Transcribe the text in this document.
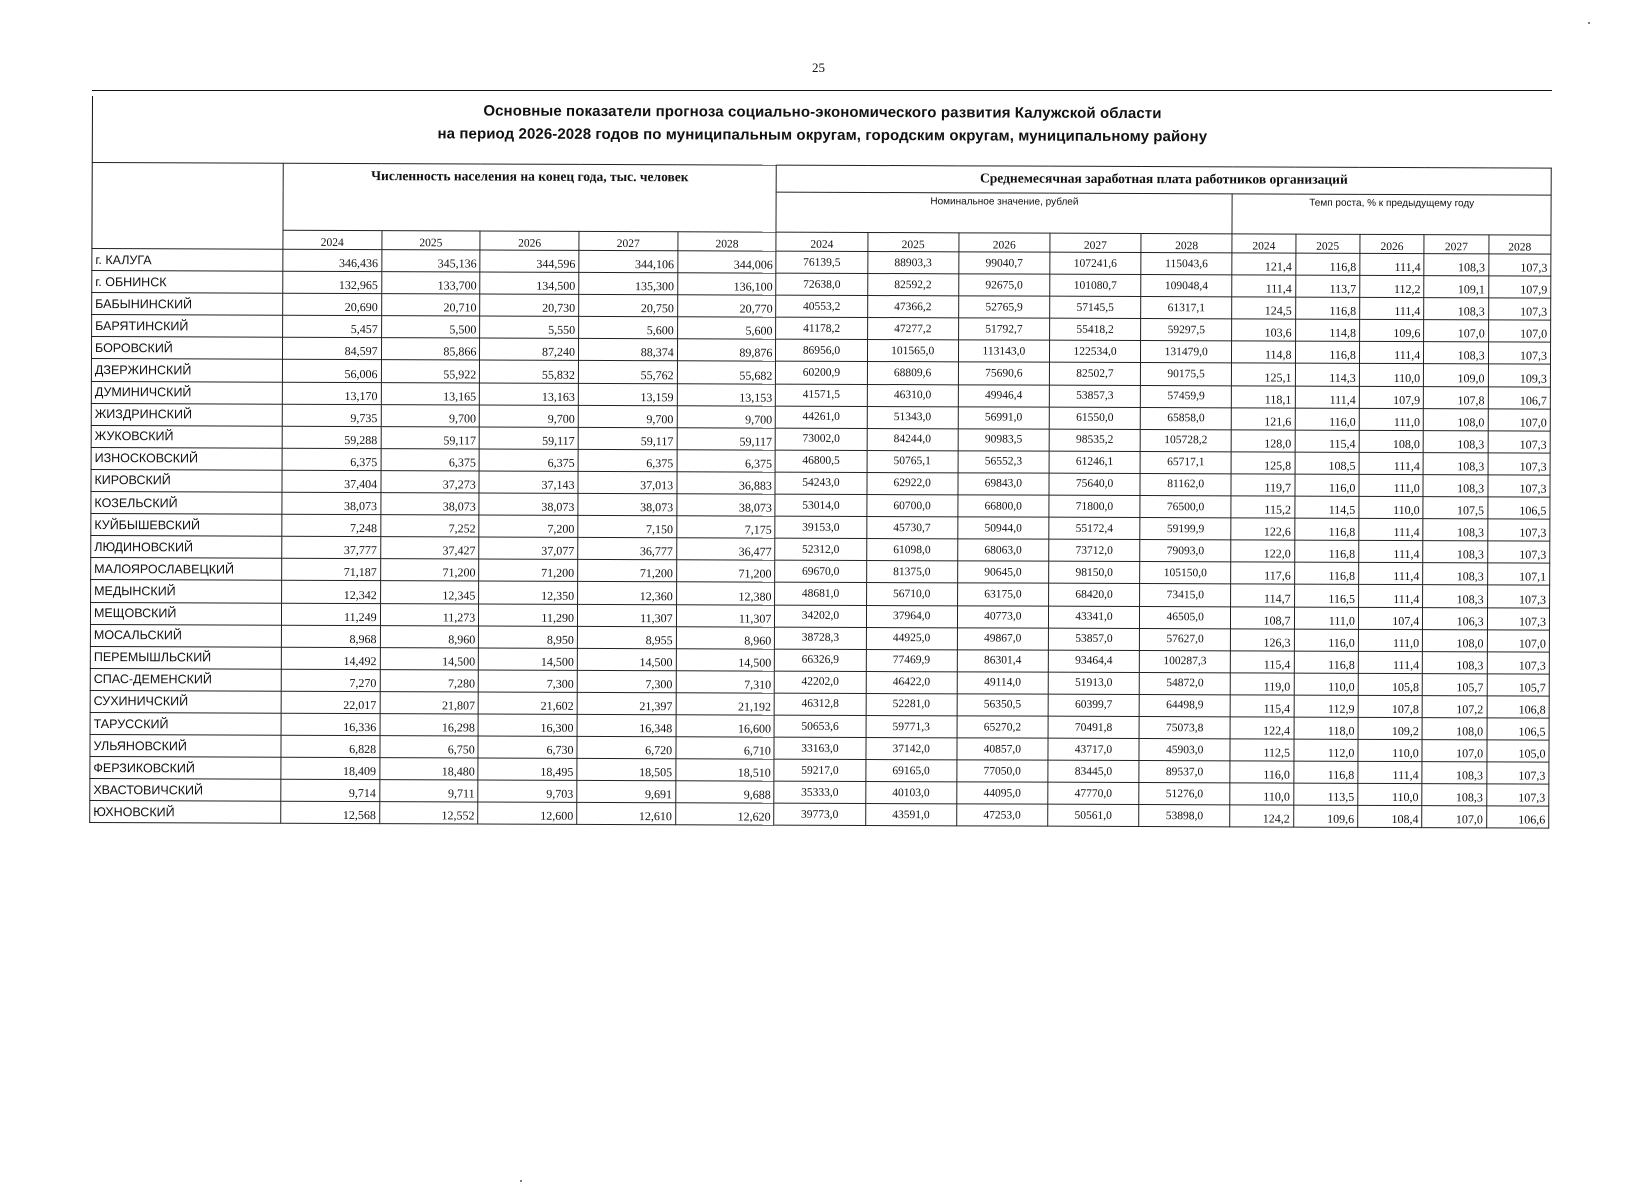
25
Основные показатели прогноза социально-экономического развития Калужской области
на период 2026-2028 годов по муниципальным округам, городским округам, муниципальному району
	Численность населения на конец года, тыс. человек					Среднемесячная заработная плата работников организаций									
						Номинальное значение, рублей					Темп роста, % к предыдущему году				
	2024	2025	2026	2027	2028	2024	2025	2026	2027	2028	2024	2025	2026	2027	2028
г. КАЛУГА	346,436	345,136	344,596	344,106	344,006	76139,5	88903,3	99040,7	107241,6	115043,6	121,4	116,8	111,4	108,3	107,3
г. ОБНИНСК	132,965	133,700	134,500	135,300	136,100	72638,0	82592,2	92675,0	101080,7	109048,4	111,4	113,7	112,2	109,1	107,9
БАБЫНИНСКИЙ	20,690	20,710	20,730	20,750	20,770	40553,2	47366,2	52765,9	57145,5	61317,1	124,5	116,8	111,4	108,3	107,3
БАРЯТИНСКИЙ	5,457	5,500	5,550	5,600	5,600	41178,2	47277,2	51792,7	55418,2	59297,5	103,6	114,8	109,6	107,0	107,0
БОРОВСКИЙ	84,597	85,866	87,240	88,374	89,876	86956,0	101565,0	113143,0	122534,0	131479,0	114,8	116,8	111,4	108,3	107,3
ДЗЕРЖИНСКИЙ	56,006	55,922	55,832	55,762	55,682	60200,9	68809,6	75690,6	82502,7	90175,5	125,1	114,3	110,0	109,0	109,3
ДУМИНИЧСКИЙ	13,170	13,165	13,163	13,159	13,153	41571,5	46310,0	49946,4	53857,3	57459,9	118,1	111,4	107,9	107,8	106,7
ЖИЗДРИНСКИЙ	9,735	9,700	9,700	9,700	9,700	44261,0	51343,0	56991,0	61550,0	65858,0	121,6	116,0	111,0	108,0	107,0
ЖУКОВСКИЙ	59,288	59,117	59,117	59,117	59,117	73002,0	84244,0	90983,5	98535,2	105728,2	128,0	115,4	108,0	108,3	107,3
ИЗНОСКОВСКИЙ	6,375	6,375	6,375	6,375	6,375	46800,5	50765,1	56552,3	61246,1	65717,1	125,8	108,5	111,4	108,3	107,3
КИРОВСКИЙ	37,404	37,273	37,143	37,013	36,883	54243,0	62922,0	69843,0	75640,0	81162,0	119,7	116,0	111,0	108,3	107,3
КОЗЕЛЬСКИЙ	38,073	38,073	38,073	38,073	38,073	53014,0	60700,0	66800,0	71800,0	76500,0	115,2	114,5	110,0	107,5	106,5
КУЙБЫШЕВСКИЙ	7,248	7,252	7,200	7,150	7,175	39153,0	45730,7	50944,0	55172,4	59199,9	122,6	116,8	111,4	108,3	107,3
ЛЮДИНОВСКИЙ	37,777	37,427	37,077	36,777	36,477	52312,0	61098,0	68063,0	73712,0	79093,0	122,0	116,8	111,4	108,3	107,3
МАЛОЯРОСЛАВЕЦКИЙ	71,187	71,200	71,200	71,200	71,200	69670,0	81375,0	90645,0	98150,0	105150,0	117,6	116,8	111,4	108,3	107,1
МЕДЫНСКИЙ	12,342	12,345	12,350	12,360	12,380	48681,0	56710,0	63175,0	68420,0	73415,0	114,7	116,5	111,4	108,3	107,3
МЕЩОВСКИЙ	11,249	11,273	11,290	11,307	11,307	34202,0	37964,0	40773,0	43341,0	46505,0	108,7	111,0	107,4	106,3	107,3
МОСАЛЬСКИЙ	8,968	8,960	8,950	8,955	8,960	38728,3	44925,0	49867,0	53857,0	57627,0	126,3	116,0	111,0	108,0	107,0
ПЕРЕМЫШЛЬСКИЙ	14,492	14,500	14,500	14,500	14,500	66326,9	77469,9	86301,4	93464,4	100287,3	115,4	116,8	111,4	108,3	107,3
СПАС-ДЕМЕНСКИЙ	7,270	7,280	7,300	7,300	7,310	42202,0	46422,0	49114,0	51913,0	54872,0	119,0	110,0	105,8	105,7	105,7
СУХИНИЧСКИЙ	22,017	21,807	21,602	21,397	21,192	46312,8	52281,0	56350,5	60399,7	64498,9	115,4	112,9	107,8	107,2	106,8
ТАРУССКИЙ	16,336	16,298	16,300	16,348	16,600	50653,6	59771,3	65270,2	70491,8	75073,8	122,4	118,0	109,2	108,0	106,5
УЛЬЯНОВСКИЙ	6,828	6,750	6,730	6,720	6,710	33163,0	37142,0	40857,0	43717,0	45903,0	112,5	112,0	110,0	107,0	105,0
ФЕРЗИКОВСКИЙ	18,409	18,480	18,495	18,505	18,510	59217,0	69165,0	77050,0	83445,0	89537,0	116,0	116,8	111,4	108,3	107,3
ХВАСТОВИЧСКИЙ	9,714	9,711	9,703	9,691	9,688	35333,0	40103,0	44095,0	47770,0	51276,0	110,0	113,5	110,0	108,3	107,3
ЮХНОВСКИЙ	12,568	12,552	12,600	12,610	12,620	39773,0	43591,0	47253,0	50561,0	53898,0	124,2	109,6	108,4	107,0	106,6
